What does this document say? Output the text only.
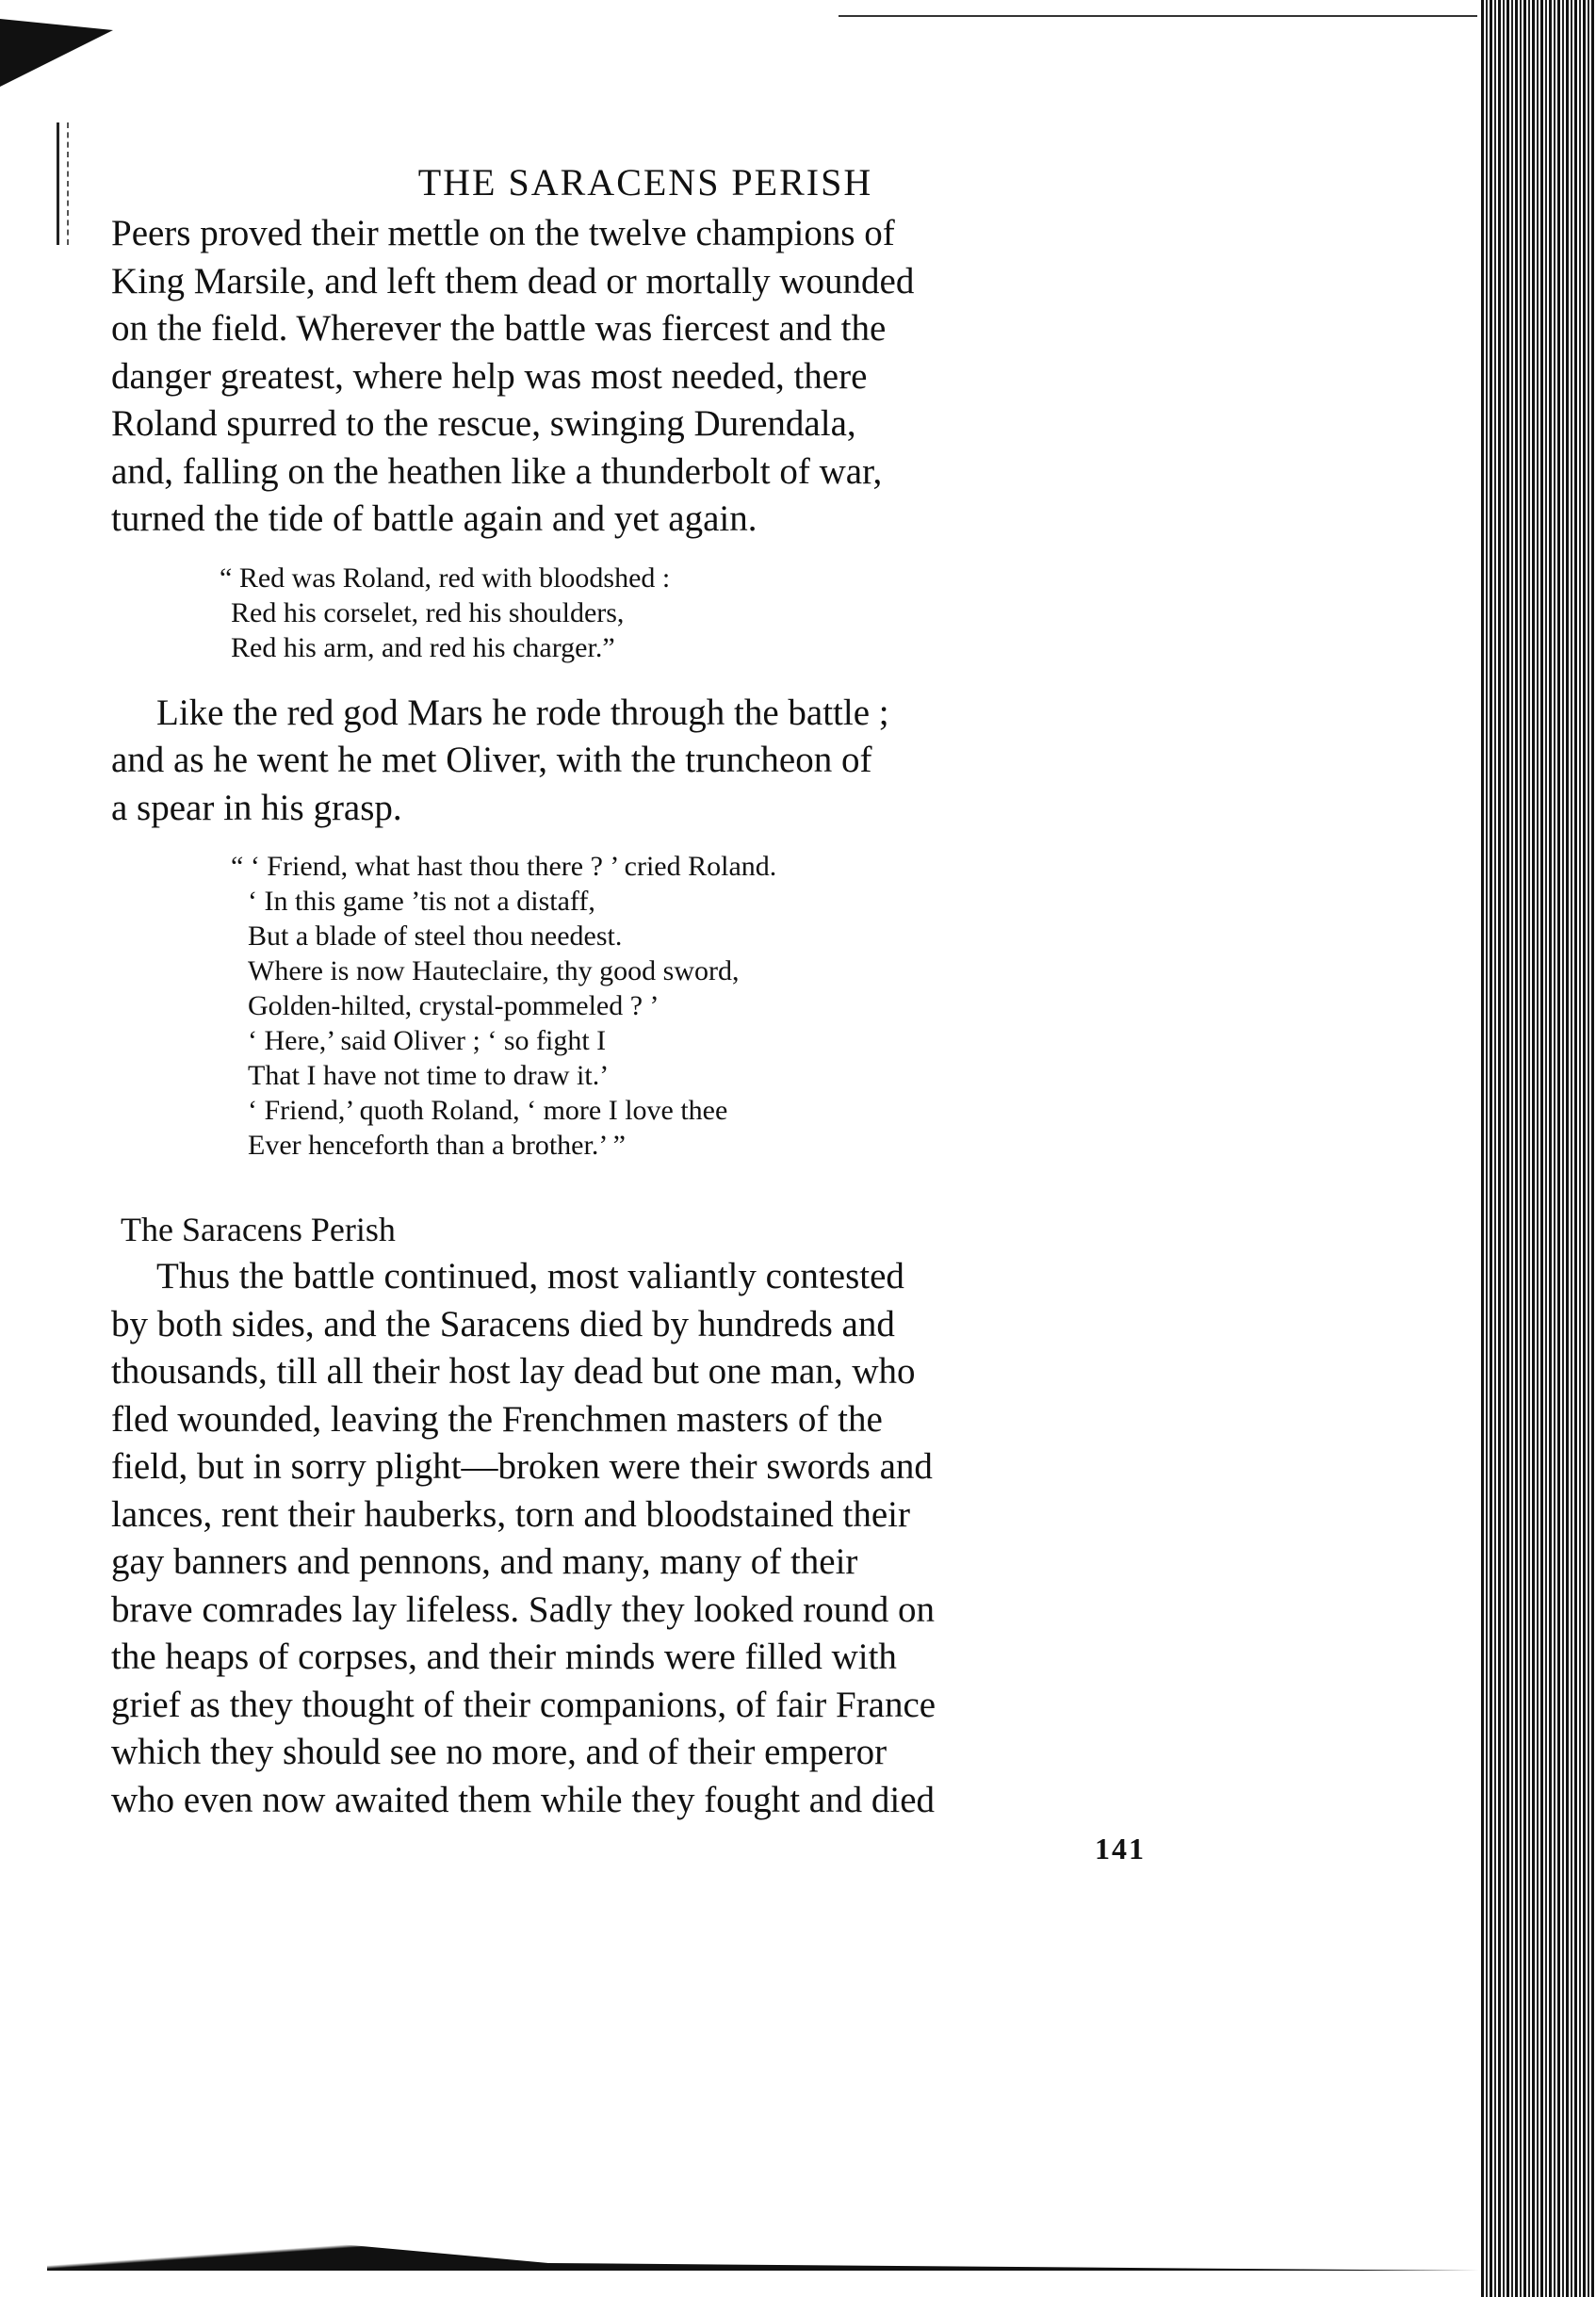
THE SARACENS PERISH
Peers proved their mettle on the twelve champions of
King Marsile, and left them dead or mortally wounded
on the field. Wherever the battle was fiercest and the
danger greatest, where help was most needed, there
Roland spurred to the rescue, swinging Durendala,
and, falling on the heathen like a thunderbolt of war,
turned the tide of battle again and yet again.
“ Red was Roland, red with bloodshed :
Red his corselet, red his shoulders,
Red his arm, and red his charger.”
Like the red god Mars he rode through the battle ;
and as he went he met Oliver, with the truncheon of
a spear in his grasp.
“ ‘ Friend, what hast thou there ? ’ cried Roland.
‘ In this game ’tis not a distaff,
But a blade of steel thou needest.
Where is now Hauteclaire, thy good sword,
Golden-hilted, crystal-pommeled ? ’
‘ Here,’ said Oliver ; ‘ so fight I
That I have not time to draw it.’
‘ Friend,’ quoth Roland, ‘ more I love thee
Ever henceforth than a brother.’ ”
The Saracens Perish
Thus the battle continued, most valiantly contested
by both sides, and the Saracens died by hundreds and
thousands, till all their host lay dead but one man, who
fled wounded, leaving the Frenchmen masters of the
field, but in sorry plight—broken were their swords and
lances, rent their hauberks, torn and bloodstained their
gay banners and pennons, and many, many of their
brave comrades lay lifeless. Sadly they looked round on
the heaps of corpses, and their minds were filled with
grief as they thought of their companions, of fair France
which they should see no more, and of their emperor
who even now awaited them while they fought and died
141
